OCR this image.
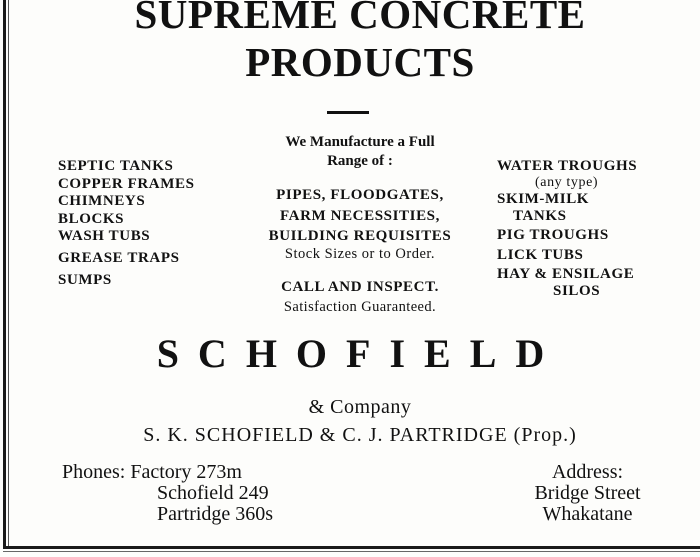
SUPREME CONCRETE
PRODUCTS
SEPTIC TANKS
COPPER FRAMES
CHIMNEYS
BLOCKS
WASH TUBS
GREASE TRAPS
SUMPS
We Manufacture a Full
Range of :
PIPES, FLOODGATES,
FARM NECESSITIES,
BUILDING REQUISITES
Stock Sizes or to Order.
CALL AND INSPECT.
Satisfaction Guaranteed.
WATER TROUGHS
(any type)
SKIM-MILK
TANKS
PIG TROUGHS
LICK TUBS
HAY & ENSILAGE
SILOS
SCHOFIELD
& Company
S. K. SCHOFIELD & C. J. PARTRIDGE (Prop.)
Phones: Factory 273m
Schofield 249
Partridge 360s
Address:
Bridge Street
Whakatane
